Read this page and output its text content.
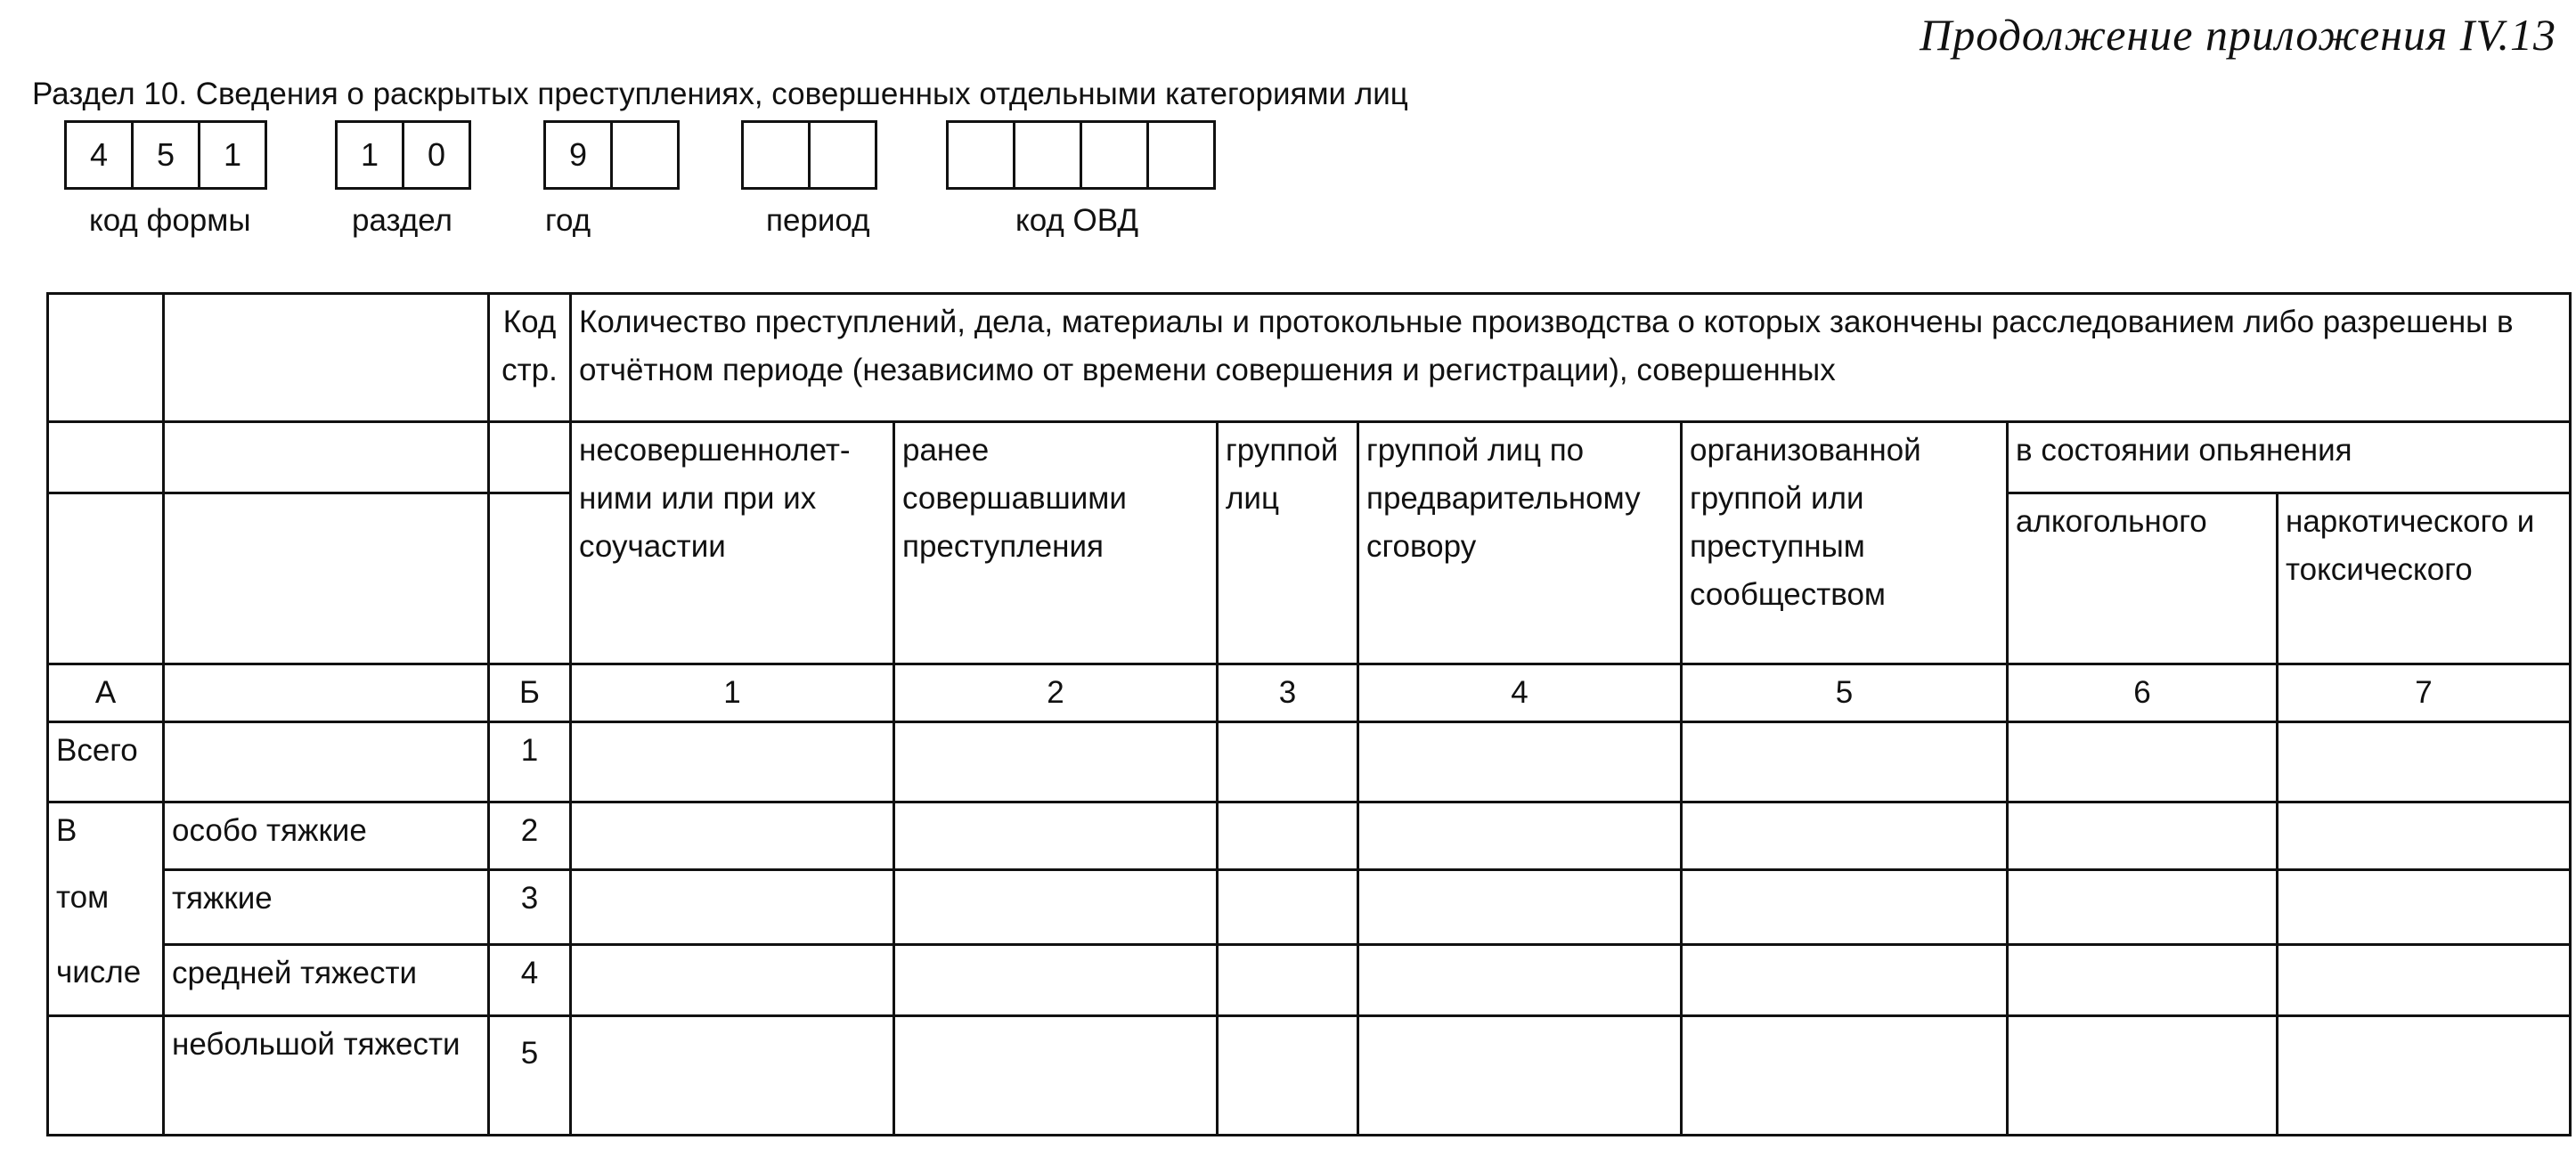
Продолжение приложения IV.13
Раздел 10. Сведения о раскрытых преступлениях, совершенных отдельными категориями лиц
4	5	1
код формы
1	0
раздел
9
год	период	код ОВД
		Код стр.	Количество преступлений, дела, материалы и протокольные производства о которых закончены расследованием либо разрешены в отчётном периоде (независимо от времени совершения и регистрации), совершенных						
			несовершеннолет-ними или при их соучастии	ранее совершавшими преступления	группой лиц	группой лиц по предварительному сговору	организованной группой или преступным сообществом	в состоянии опьянения	
								алкогольного	наркотического и токсического
А		Б	1	2	3	4	5	6	7
Всего		1							
В	особо тяжкие	2							
том	тяжкие	3							
числе	средней тяжести	4							
	небольшой тяжести	5							
